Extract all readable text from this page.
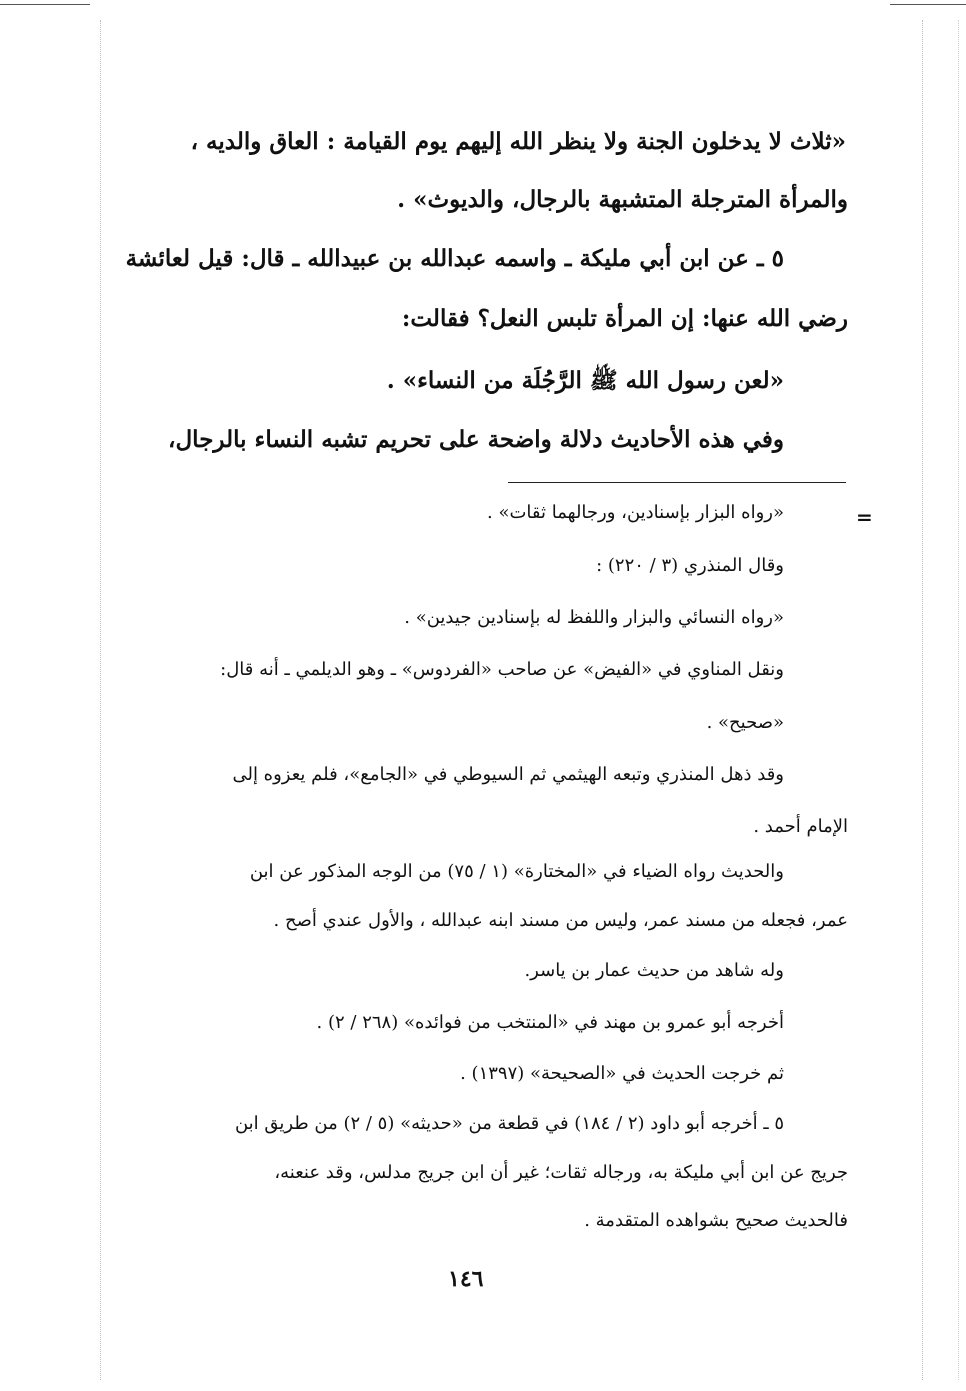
«ثلاث لا يدخلون الجنة ولا ينظر الله إليهم يوم القيامة : العاق والديه ،
والمرأة المترجلة المتشبهة بالرجال، والديوث» .
٥ ـ عن ابن أبي مليكة ـ واسمه عبدالله بن عبيدالله ـ قال: قيل لعائشة
رضي الله عنها: إن المرأة تلبس النعل؟ فقالت:
«لعن رسول الله ﷺ الرَّجُلَة من النساء» .
وفي هذه الأحاديث دلالة واضحة على تحريم تشبه النساء بالرجال،
=
«رواه البزار بإسنادين، ورجالهما ثقات» .
وقال المنذري (٣ / ٢٢٠) :
«رواه النسائي والبزار واللفظ له بإسنادين جيدين» .
ونقل المناوي في «الفيض» عن صاحب «الفردوس» ـ وهو الديلمي ـ أنه قال:
«صحيح» .
وقد ذهل المنذري وتبعه الهيثمي ثم السيوطي في «الجامع»، فلم يعزوه إلى
الإمام أحمد .
والحديث رواه الضياء في «المختارة» (١ / ٧٥) من الوجه المذكور عن ابن
عمر، فجعله من مسند عمر، وليس من مسند ابنه عبدالله ، والأول عندي أصح .
وله شاهد من حديث عمار بن ياسر.
أخرجه أبو عمرو بن مهند في «المنتخب من فوائده» (٢٦٨ / ٢) .
ثم خرجت الحديث في «الصحيحة» (١٣٩٧) .
٥ ـ أخرجه أبو داود (٢ / ١٨٤) في قطعة من «حديثه» (٥ / ٢) من طريق ابن
جريج عن ابن أبي مليكة به، ورجاله ثقات؛ غير أن ابن جريج مدلس، وقد عنعنه،
فالحديث صحيح بشواهده المتقدمة .
١٤٦
